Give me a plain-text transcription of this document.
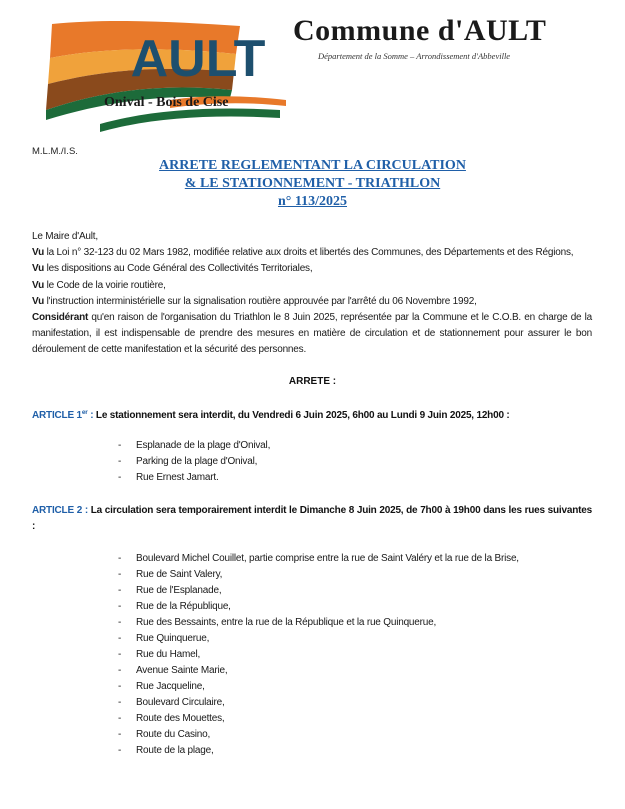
AULT
Onival - Bois de Cise
Commune d'AULT
Département de la Somme – Arrondissement d'Abbeville
M.L.M./I.S.
ARRETE REGLEMENTANT LA CIRCULATION
& LE STATIONNEMENT - TRIATHLON
n° 113/2025

Le Maire d'Ault,

Vu la Loi n° 32-123 du 02 Mars 1982, modifiée relative aux droits et libertés des Communes, des Départements et des Régions,

Vu les dispositions au Code Général des Collectivités Territoriales,

Vu le Code de la voirie routière,

Vu l'instruction interministérielle sur la signalisation routière approuvée par l'arrêté du 06 Novembre 1992,

Considérant qu'en raison de l'organisation du Triathlon le 8 Juin 2025, représentée par la Commune et le C.O.B. en charge de la manifestation, il est indispensable de prendre des mesures en matière de circulation et de stationnement pour assurer le bon déroulement de cette manifestation et la sécurité des personnes.

ARRETE :
ARTICLE 1er : Le stationnement sera interdit, du Vendredi 6 Juin 2025, 6h00 au Lundi 9 Juin 2025, 12h00 :
- Esplanade de la plage d'Onival,
- Parking de la plage d'Onival,
- Rue Ernest Jamart.
ARTICLE 2 : La circulation sera temporairement interdit le Dimanche 8 Juin 2025, de 7h00 à 19h00 dans les rues suivantes :
- Boulevard Michel Couillet, partie comprise entre la rue de Saint Valéry et la rue de la Brise,
- Rue de Saint Valery,
- Rue de l'Esplanade,
- Rue de la République,
- Rue des Bessaints, entre la rue de la République et la rue Quinquerue,
- Rue Quinquerue,
- Rue du Hamel,
- Avenue Sainte Marie,
- Rue Jacqueline,
- Boulevard Circulaire,
- Route des Mouettes,
- Route du Casino,
- Route de la plage,
